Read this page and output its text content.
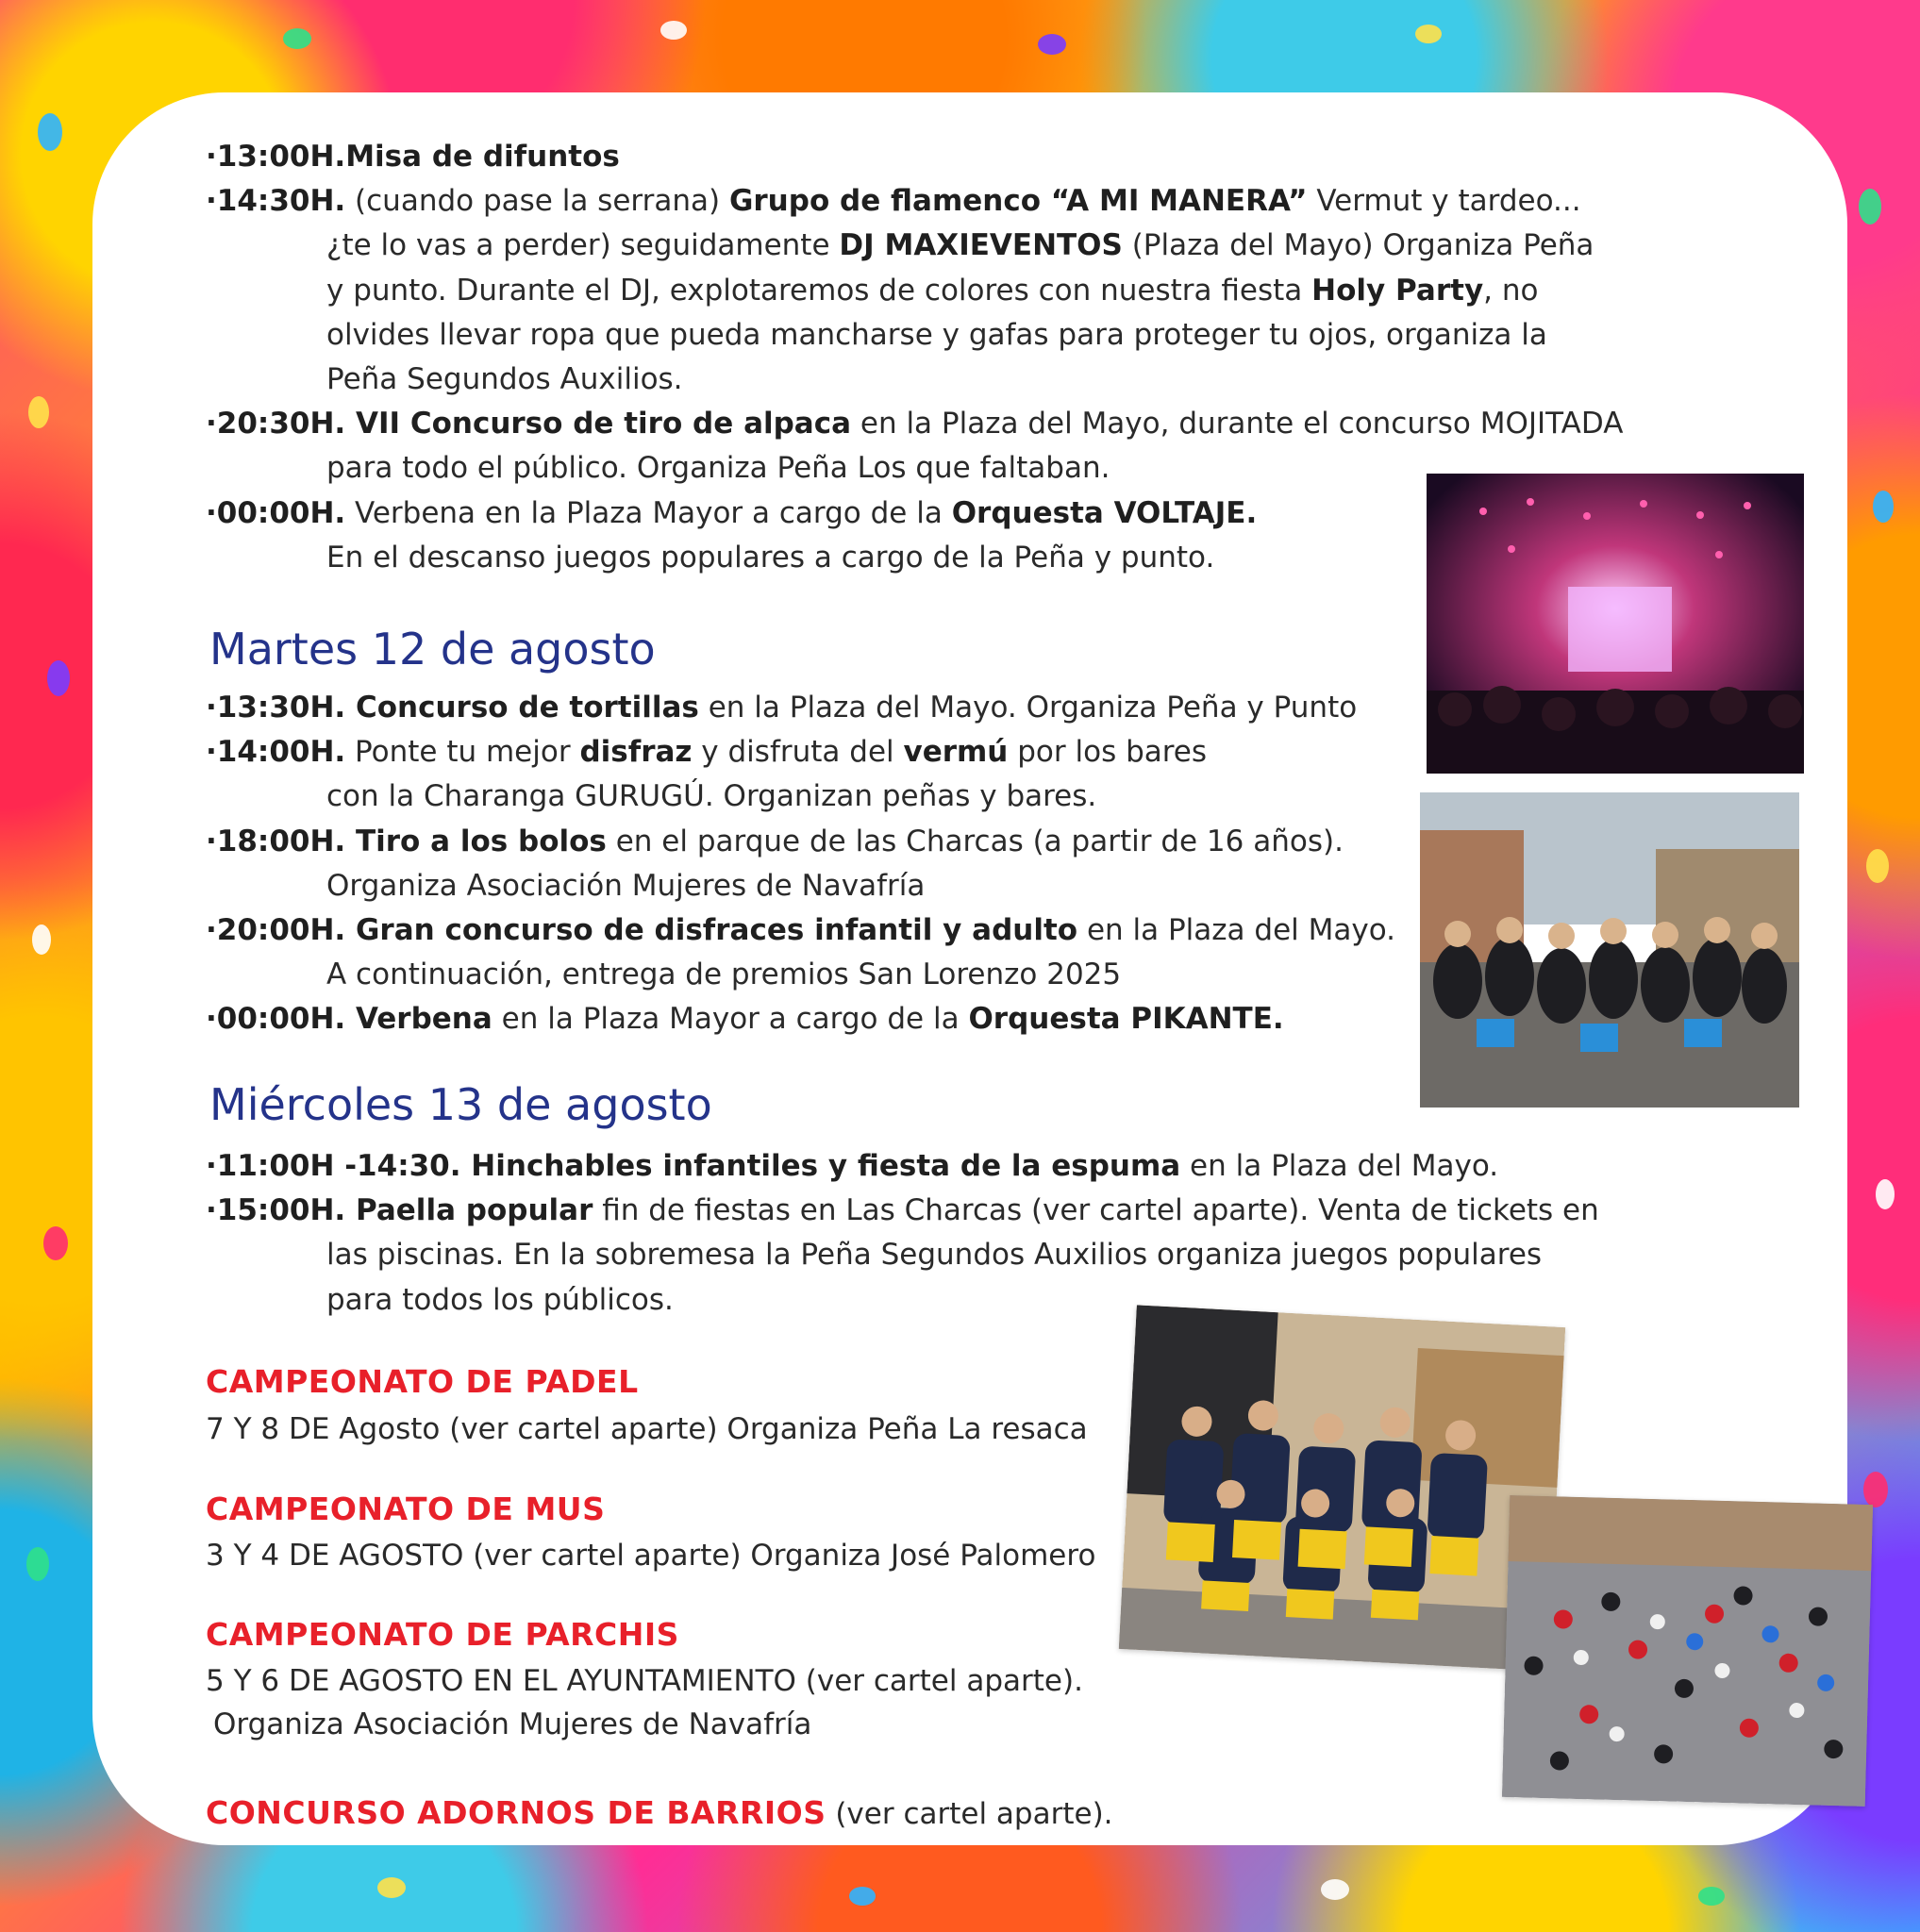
·13:00H.Misa de difuntos

·14:30H. (cuando pase la serrana) Grupo de flamenco “A MI MANERA” Vermut y tardeo...

¿te lo vas a perder) seguidamente DJ MAXIEVENTOS (Plaza del Mayo) Organiza Peña

y punto. Durante el DJ, explotaremos de colores con nuestra fiesta Holy Party, no

olvides llevar ropa que pueda mancharse y gafas para proteger tu ojos, organiza la

Peña Segundos Auxilios.

·20:30H. VII Concurso de tiro de alpaca en la Plaza del Mayo, durante el concurso MOJITADA

para todo el público. Organiza Peña Los que faltaban.

·00:00H. Verbena en la Plaza Mayor a cargo de la Orquesta VOLTAJE.

En el descanso juegos populares a cargo de la Peña y punto.

Martes 12 de agosto

·13:30H. Concurso de tortillas en la Plaza del Mayo. Organiza Peña y Punto

·14:00H. Ponte tu mejor disfraz y disfruta del vermú por los bares

con la Charanga GURUGÚ. Organizan peñas y bares.

·18:00H. Tiro a los bolos en el parque de las Charcas (a partir de 16 años).

Organiza Asociación Mujeres de Navafría

·20:00H. Gran concurso de disfraces infantil y adulto en la Plaza del Mayo.

A continuación, entrega de premios San Lorenzo 2025

·00:00H. Verbena en la Plaza Mayor a cargo de la Orquesta PIKANTE.

Miércoles 13 de agosto

·11:00H -14:30. Hinchables infantiles y fiesta de la espuma en la Plaza del Mayo.

·15:00H. Paella popular fin de fiestas en Las Charcas (ver cartel aparte). Venta de tickets en

las piscinas. En la sobremesa la Peña Segundos Auxilios organiza juegos populares

para todos los públicos.

CAMPEONATO DE PADEL

7 Y 8 DE Agosto (ver cartel aparte) Organiza Peña La resaca

CAMPEONATO DE MUS

3 Y 4 DE AGOSTO (ver cartel aparte) Organiza José Palomero

CAMPEONATO DE PARCHIS

5 Y 6 DE AGOSTO EN EL AYUNTAMIENTO (ver cartel aparte).

Organiza Asociación Mujeres de Navafría

CONCURSO ADORNOS DE BARRIOS (ver cartel aparte).
